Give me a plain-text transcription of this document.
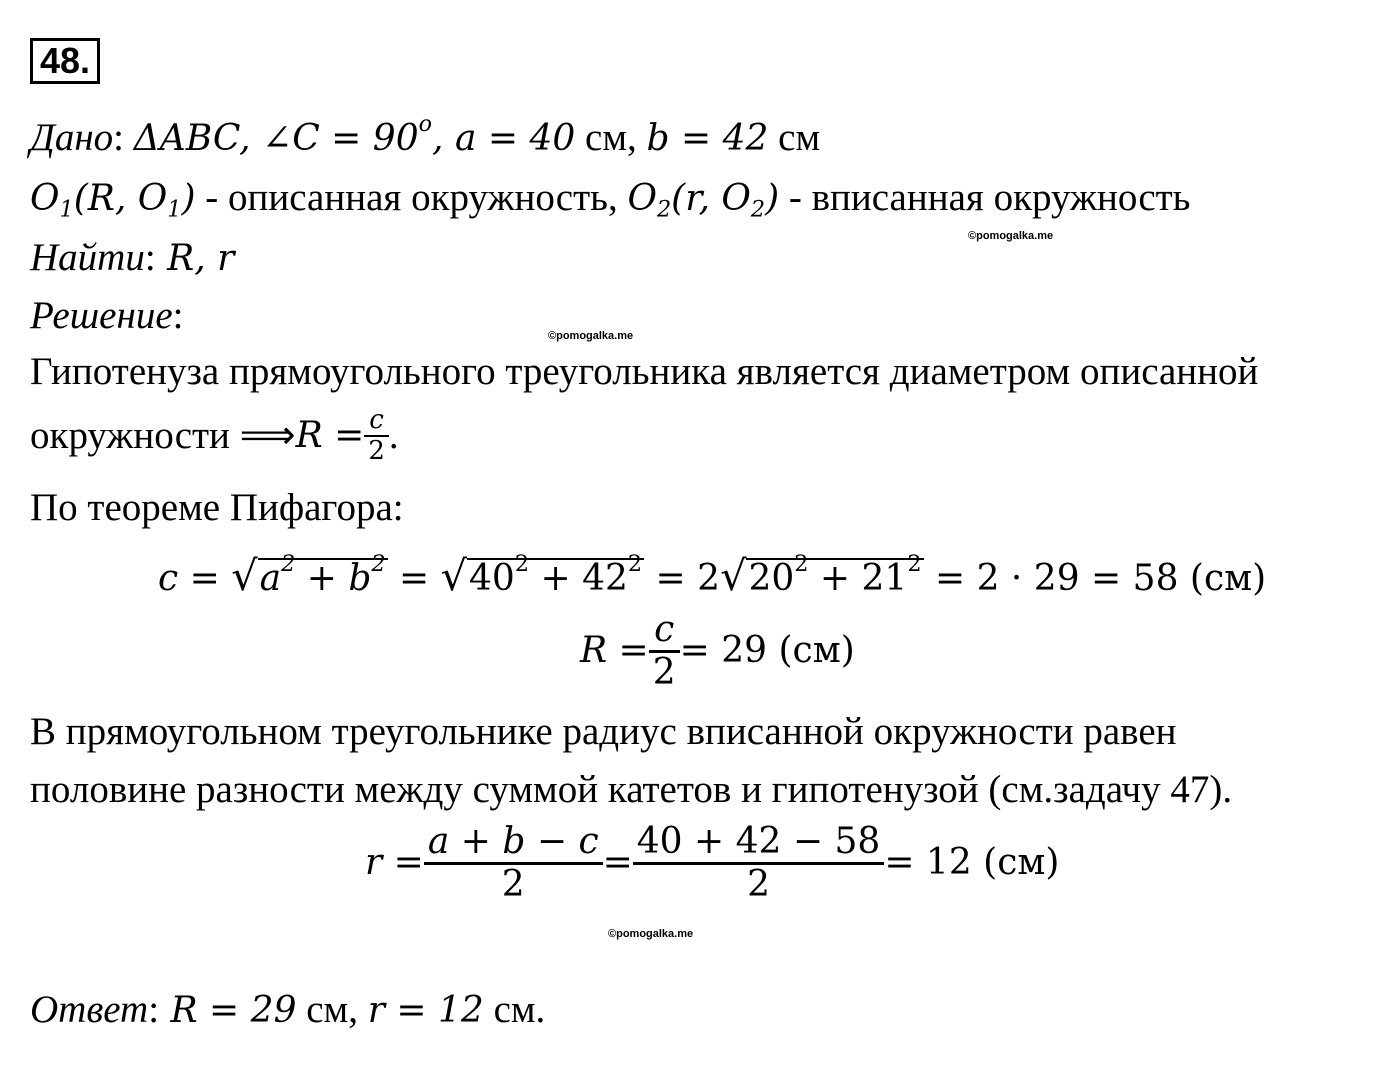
48.
Дано: ΔABC, ∠C = $90^o$, a = 40 см, b = 42 см
$O_1(R$, $O_1$) - описанная окружность, $O_2(r$, $O_2$) - вписанная окружность
©pomogalka.me
Найти: R, r
Решение:	©pomogalka.me
Гипотенуза прямоугольного треугольника является диаметром описанной
окружности ⟹ $R = \frac{c}{2}$ .
По теореме Пифагора:
$c = √a^2 + b^2 = √40^2 + 42^2 = 2√20^2 + 21^2 = 2 \cdot 29 = 58$ (см)
$R = \frac{c}{2} = 29$ (см)
В прямоугольном треугольнике радиус вписанной окружности равен
половине разности между суммой катетов и гипотенузой (см.задачу 47).
$r = \frac{a + b - c}{2} = \frac{40 + 42 - 58}{2} = 12$ (см)
©pomogalka.me
Ответ: R = 29 см, r = 12 см.
